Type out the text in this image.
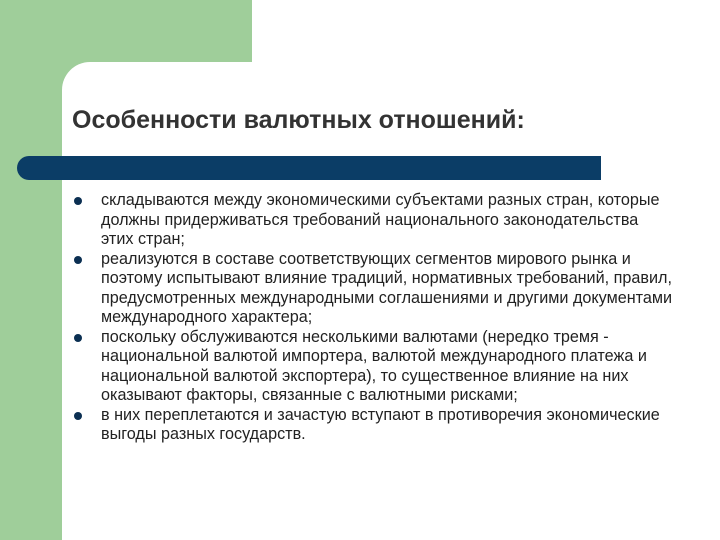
Особенности валютных отношений:
складываются между экономическими субъектами разных стран, которые должны придерживаться требований национального законодательства этих стран;
реализуются в составе соответствующих сегментов мирового рынка и поэтому испытывают влияние традиций, нормативных требований, правил, предусмотренных международными соглашениями и другими документами международного характера;
поскольку обслуживаются несколькими валютами (нередко тремя - национальной валютой импортера, валютой международного платежа и национальной валютой экспортера), то существенное влияние на них оказывают факторы, связанные с валютными рисками;
в них переплетаются и зачастую вступают в противоречия экономические выгоды разных государств.
